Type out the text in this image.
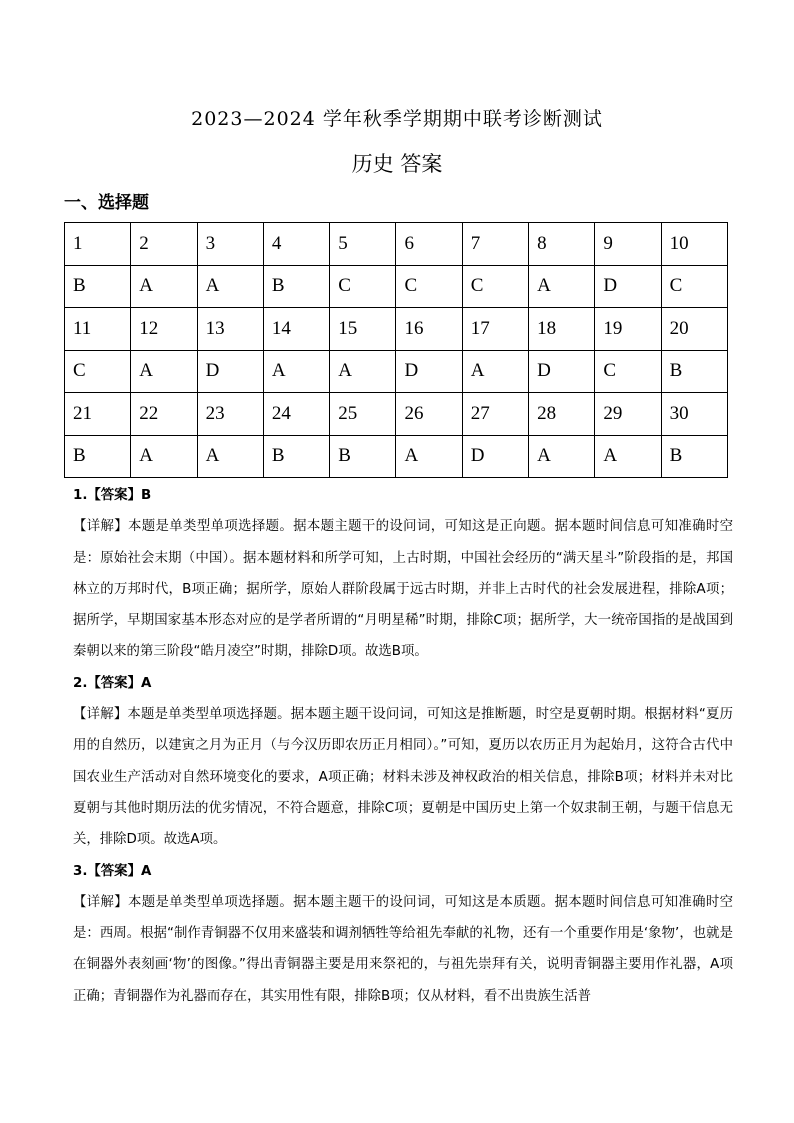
2023—2024 学年秋季学期期中联考诊断测试
历史 答案
一、选择题
1	2	3	4	5	6	7	8	9	10
B	A	A	B	C	C	C	A	D	C
11	12	13	14	15	16	17	18	19	20
C	A	D	A	A	D	A	D	C	B
21	22	23	24	25	26	27	28	29	30
B	A	A	B	B	A	D	A	A	B

1.【答案】B

【详解】本题是单类型单项选择题。据本题主题干的设问词，可知这是正向题。据本题时间信息可知准确时空是：原始社会末期（中国）。据本题材料和所学可知，上古时期，中国社会经历的“满天星斗”阶段指的是，邦国林立的万邦时代，B项正确；据所学，原始人群阶段属于远古时期，并非上古时代的社会发展进程，排除A项；据所学，早期国家基本形态对应的是学者所谓的“月明星稀”时期，排除C项；据所学，大一统帝国指的是战国到秦朝以来的第三阶段“皓月凌空”时期，排除D项。故选B项。

2.【答案】A

【详解】本题是单类型单项选择题。据本题主题干设问词，可知这是推断题，时空是夏朝时期。根据材料“夏历用的自然历，以建寅之月为正月（与今汉历即农历正月相同）。”可知，夏历以农历正月为起始月，这符合古代中国农业生产活动对自然环境变化的要求，A项正确；材料未涉及神权政治的相关信息，排除B项；材料并未对比夏朝与其他时期历法的优劣情况，不符合题意，排除C项；夏朝是中国历史上第一个奴隶制王朝，与题干信息无关，排除D项。故选A项。

3.【答案】A

【详解】本题是单类型单项选择题。据本题主题干的设问词，可知这是本质题。据本题时间信息可知准确时空是：西周。根据“制作青铜器不仅用来盛装和调剂牺牲等给祖先奉献的礼物，还有一个重要作用是‘象物’，也就是在铜器外表刻画‘物’的图像。”得出青铜器主要是用来祭祀的，与祖先崇拜有关，说明青铜器主要用作礼器，A项正确；青铜器作为礼器而存在，其实用性有限，排除B项；仅从材料，看不出贵族生活普
